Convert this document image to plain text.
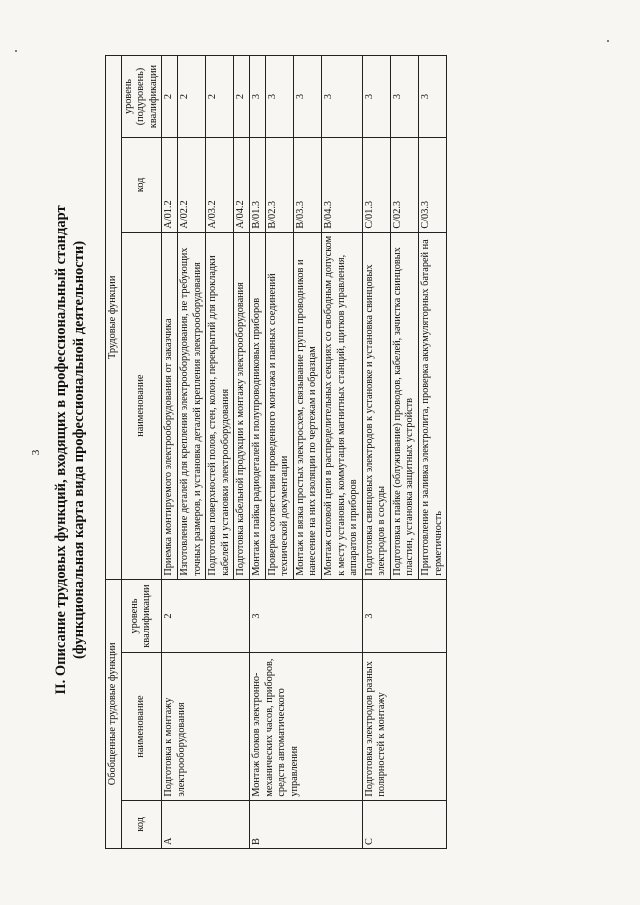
3 II. Описание трудовых функций, входящих в профессиональный стандарт (функциональная карта вида профессиональной деятельности)
Обобщенные трудовые функции			Трудовые функции		
код	наименование	уровень квалификации	наименование	код	уровень (подуровень) квалификации
A	Подготовка к монтажу электрооборудования	2	Приемка монтируемого электрооборудования от заказчика	A/01.2	2
			Изготовление деталей для крепления электрооборудования, не требующих точных размеров, и установка деталей крепления электрооборудования	A/02.2	2
			Подготовка поверхностей полов, стен, колон, перекрытий для прокладки кабелей и установки электрооборудования	A/03.2	2
			Подготовка кабельной продукции к монтажу электрооборудования	A/04.2	2
B	Монтаж блоков электронно-механических часов, приборов, средств автоматического управления	3	Монтаж и пайка радиодеталей и полупроводниковых приборов	B/01.3	3
			Проверка соответствия проведенного монтажа и паяных соединений технической документации	B/02.3	3
			Монтаж и вязка простых электросхем, связывание групп проводников и нанесение на них изоляции по чертежам и образцам	B/03.3	3
			Монтаж силовой цепи в распределительных секциях со свободным допуском к месту установки, коммутация магнитных станций, щитков управления, аппаратов и приборов	B/04.3	3
C	Подготовка электродов разных полярностей к монтажу	3	Подготовка свинцовых электродов к установке и установка свинцовых электродов в сосуды	C/01.3	3
			Подготовка к пайке (облуживание) проводов, кабелей, зачистка свинцовых пластин, установка защитных устройств	C/02.3	3
			Приготовление и заливка электролита, проверка аккумуляторных батарей на герметичность	C/03.3	3
